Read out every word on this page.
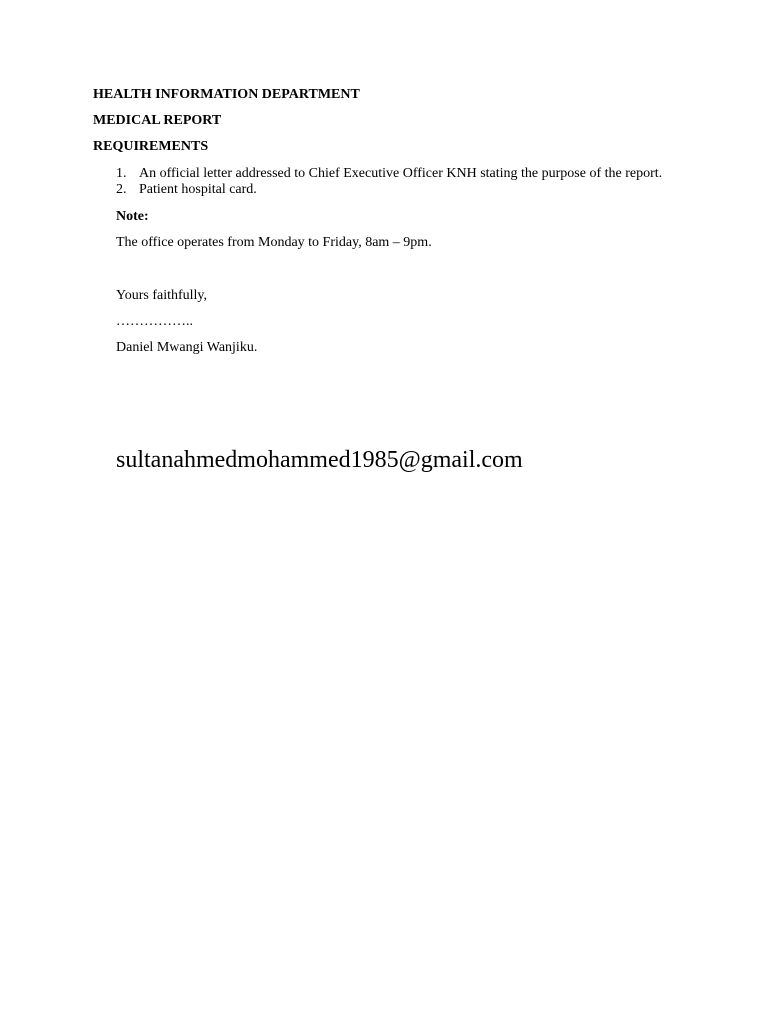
HEALTH INFORMATION DEPARTMENT
MEDICAL REPORT
REQUIREMENTS
1. An official letter addressed to Chief Executive Officer KNH stating the purpose of the report.
2. Patient hospital card.
Note:
The office operates from Monday to Friday, 8am – 9pm.
Yours faithfully,
……………..
Daniel Mwangi Wanjiku.
sultanahmedmohammed1985@gmail.com
